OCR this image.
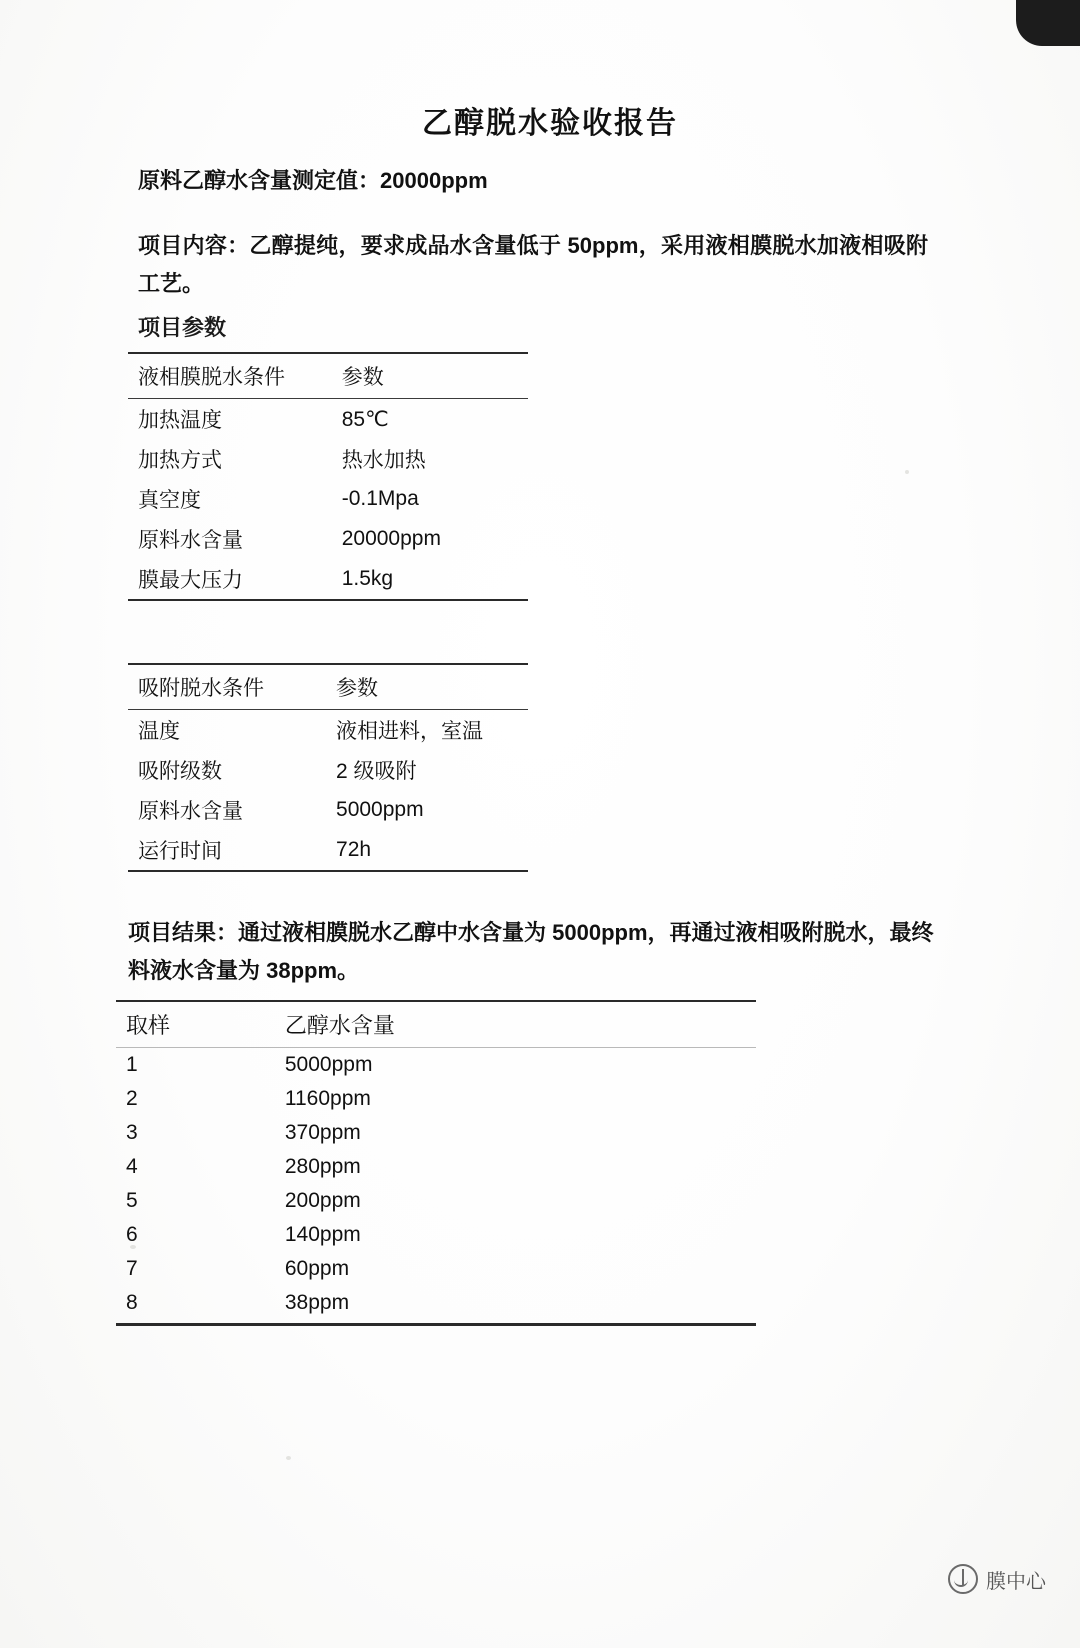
乙醇脱水验收报告
原料乙醇水含量测定值：20000ppm
项目内容：乙醇提纯，要求成品水含量低于 50ppm，采用液相膜脱水加液相吸附工艺。
项目参数
液相膜脱水条件	参数
加热温度	85℃
加热方式	热水加热
真空度	-0.1Mpa
原料水含量	20000ppm
膜最大压力	1.5kg
吸附脱水条件	参数
温度	液相进料，室温
吸附级数	2 级吸附
原料水含量	5000ppm
运行时间	72h
项目结果：通过液相膜脱水乙醇中水含量为 5000ppm，再通过液相吸附脱水，最终料液水含量为 38ppm。
取样	乙醇水含量
1	5000ppm
2	1160ppm
3	370ppm
4	280ppm
5	200ppm
6	140ppm
7	60ppm
8	38ppm
膜中心
